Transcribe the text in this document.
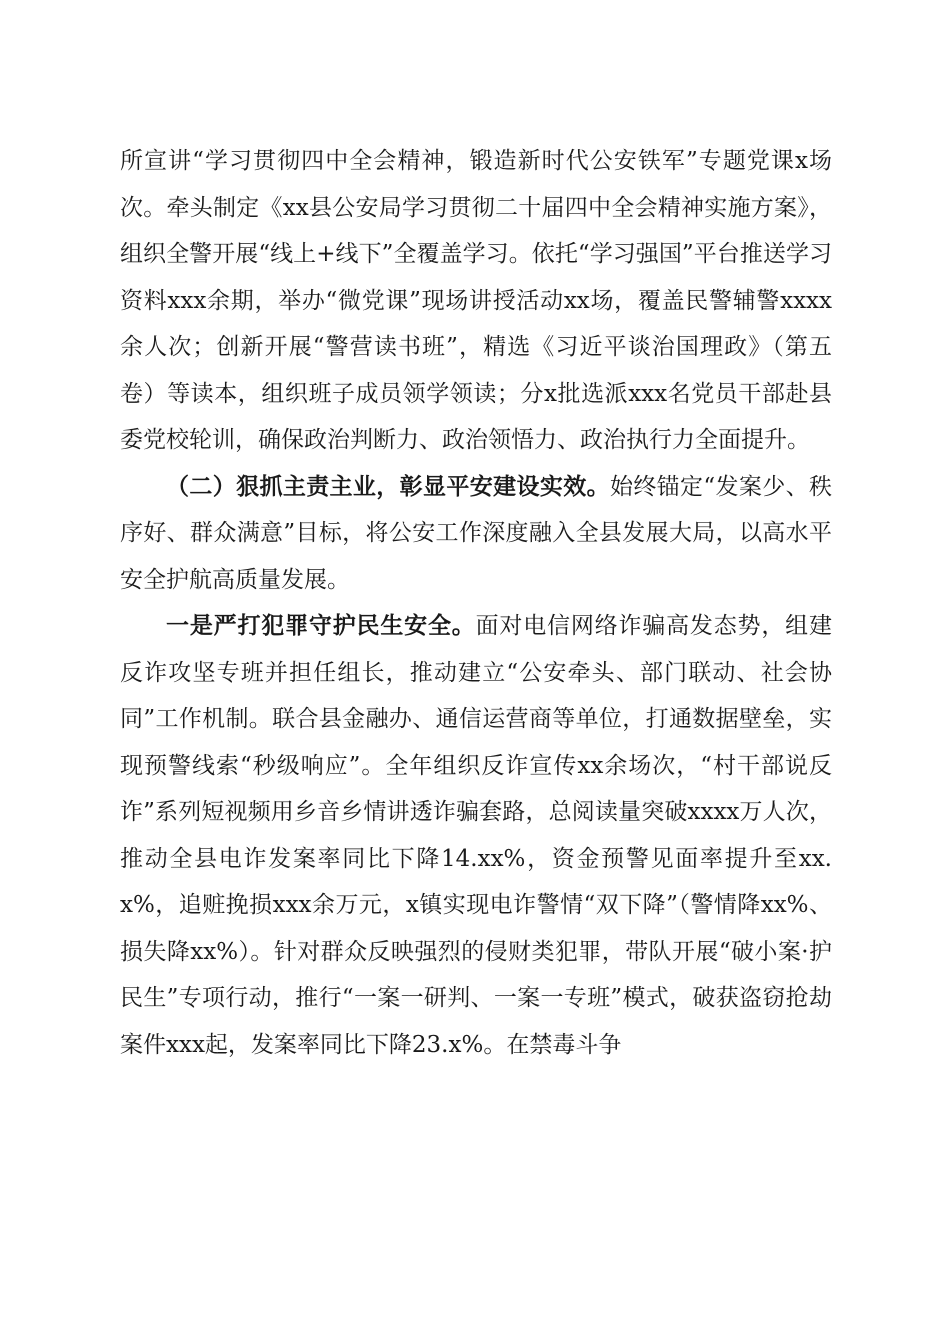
所宣讲“学习贯彻四中全会精神，锻造新时代公安铁军”专题党课x场次。牵头制定《xx县公安局学习贯彻二十届四中全会精神实施方案》，组织全警开展“线上+线下”全覆盖学习。依托“学习强国”平台推送学习资料xxx余期，举办“微党课”现场讲授活动xx场，覆盖民警辅警xxxx余人次；创新开展“警营读书班”，精选《习近平谈治国理政》（第五卷）等读本，组织班子成员领学领读；分x批选派xxx名党员干部赴县委党校轮训，确保政治判断力、政治领悟力、政治执行力全面提升。

（二）狠抓主责主业，彰显平安建设实效。始终锚定“发案少、秩序好、群众满意”目标，将公安工作深度融入全县发展大局，以高水平安全护航高质量发展。

一是严打犯罪守护民生安全。面对电信网络诈骗高发态势，组建反诈攻坚专班并担任组长，推动建立“公安牵头、部门联动、社会协同”工作机制。联合县金融办、通信运营商等单位，打通数据壁垒，实现预警线索“秒级响应”。全年组织反诈宣传xx余场次，“村干部说反诈”系列短视频用乡音乡情讲透诈骗套路，总阅读量突破xxxx万人次，推动全县电诈发案率同比下降14.xx%，资金预警见面率提升至xx.x%，追赃挽损xxx余万元，x镇实现电诈警情“双下降”（警情降xx%、损失降xx%）。针对群众反映强烈的侵财类犯罪，带队开展“破小案·护民生”专项行动，推行“一案一研判、一案一专班”模式，破获盗窃抢劫案件xxx起，发案率同比下降23.x%。在禁毒斗争
